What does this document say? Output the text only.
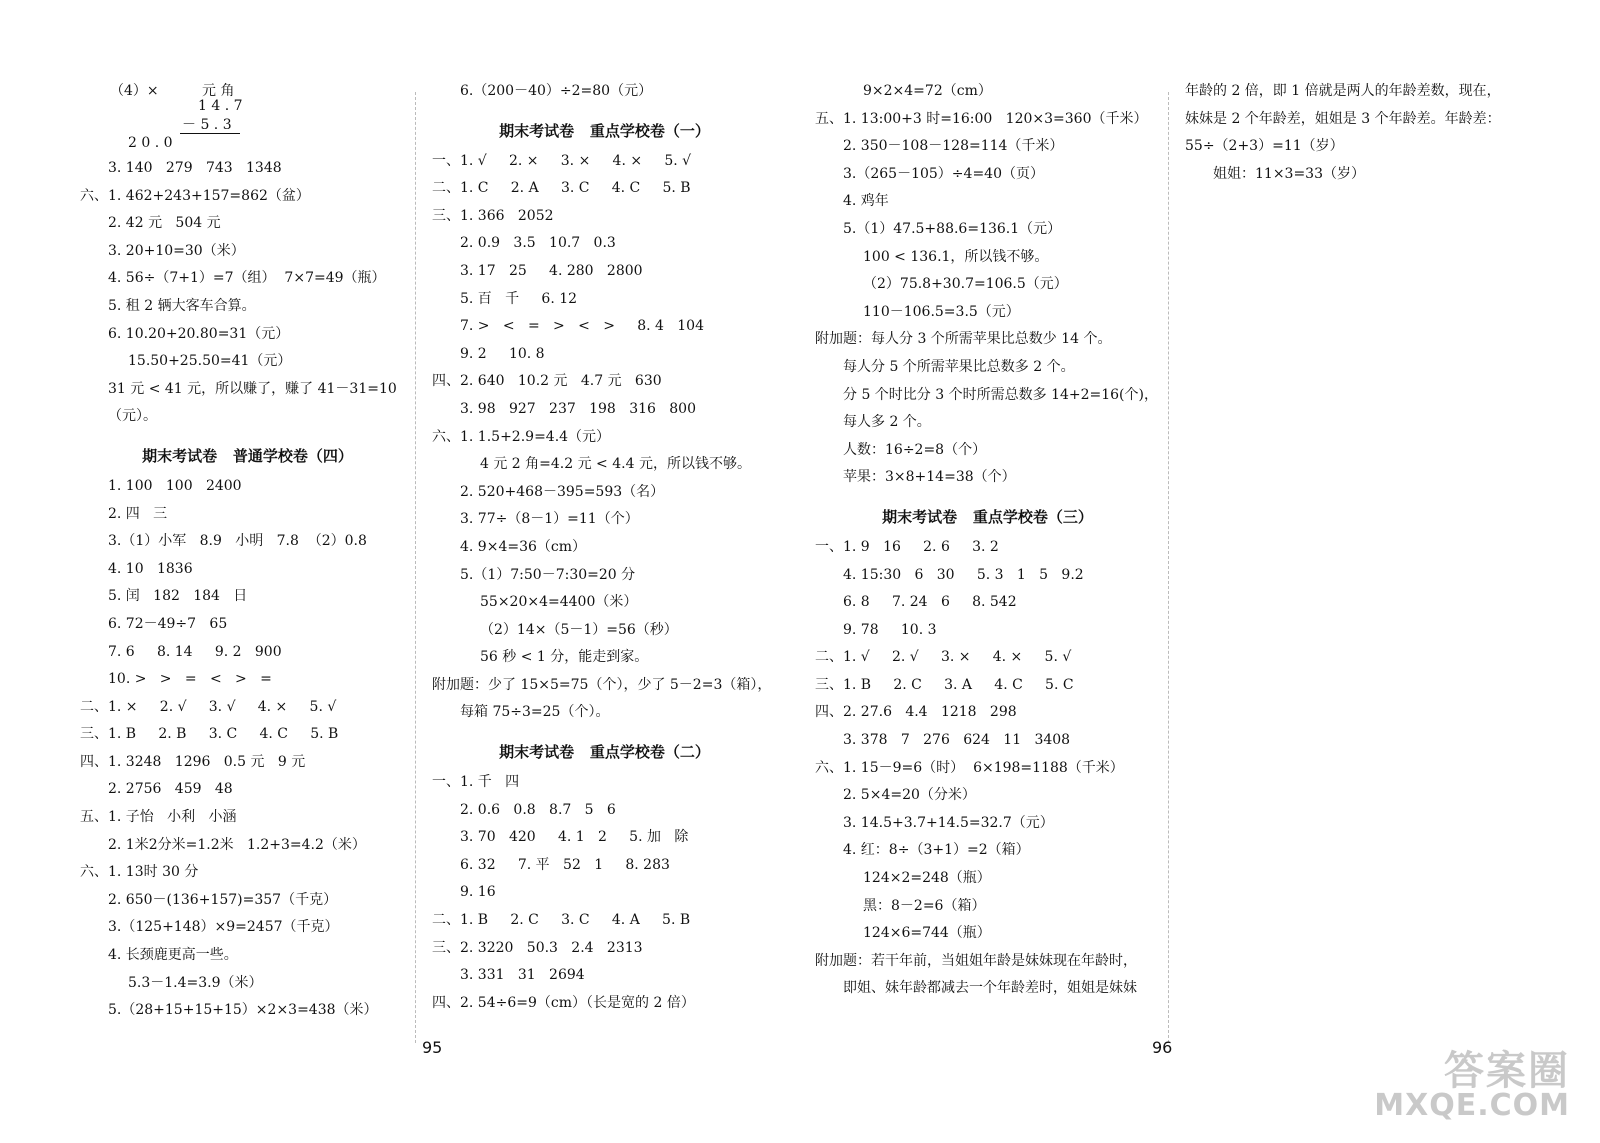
（4）×	元 角
1 4 . 7
－ 5 . 3
2 0 . 0
3. 140   279   743   1348
六、1. 462+243+157=862（盆）
2. 42 元   504 元
3. 20+10=30（米）
4. 56÷（7+1）=7（组）  7×7=49（瓶）
5. 租 2 辆大客车合算。
6. 10.20+20.80=31（元）
15.50+25.50=41（元）
31 元 < 41 元，所以赚了，赚了 41－31=10
（元）。
期末考试卷   普通学校卷（四）
1. 100   100   2400
2. 四   三
3.（1）小军   8.9   小明   7.8  （2）0.8
4. 10   1836
5. 闰   182   184   日
6. 72－49÷7   65
7. 6     8. 14     9. 2   900
10. >   >   =   <   >   =
二、1. ×     2. √     3. √     4. ×     5. √
三、1. B     2. B     3. C     4. C     5. B
四、1. 3248   1296   0.5 元   9 元
2. 2756   459   48
五、1. 子怡   小利   小涵
2. 1米2分米=1.2米   1.2+3=4.2（米）
六、1. 13时 30 分
2. 650－(136+157)=357（千克）
3.（125+148）×9=2457（千克）
4. 长颈鹿更高一些。
5.3－1.4=3.9（米）
5.（28+15+15+15）×2×3=438（米）
6.（200－40）÷2=80（元）
期末考试卷   重点学校卷（一）
一、1. √     2. ×     3. ×     4. ×     5. √
二、1. C     2. A     3. C     4. C     5. B
三、1. 366   2052
2. 0.9   3.5   10.7   0.3
3. 17   25     4. 280   2800
5. 百   千     6. 12
7. >   <   =   >   <   >     8. 4   104
9. 2     10. 8
四、2. 640   10.2 元   4.7 元   630
3. 98   927   237   198   316   800
六、1. 1.5+2.9=4.4（元）
4 元 2 角=4.2 元 < 4.4 元，所以钱不够。
2. 520+468－395=593（名）
3. 77÷（8－1）=11（个）
4. 9×4=36（cm）
5.（1）7:50－7:30=20 分
55×20×4=4400（米）
（2）14×（5－1）=56（秒）
56 秒 < 1 分，能走到家。
附加题：少了 15×5=75（个），少了 5－2=3（箱），
每箱 75÷3=25（个）。
期末考试卷   重点学校卷（二）
一、1. 千   四
2. 0.6   0.8   8.7   5   6
3. 70   420     4. 1   2     5. 加   除
6. 32     7. 平   52   1     8. 283
9. 16
二、1. B     2. C     3. C     4. A     5. B
三、2. 3220   50.3   2.4   2313
3. 331   31   2694
四、2. 54÷6=9（cm）（长是宽的 2 倍）
9×2×4=72（cm）
五、1. 13:00+3 时=16:00   120×3=360（千米）
2. 350－108－128=114（千米）
3.（265－105）÷4=40（页）
4. 鸡年
5.（1）47.5+88.6=136.1（元）
100 < 136.1，所以钱不够。
（2）75.8+30.7=106.5（元）
110－106.5=3.5（元）
附加题：每人分 3 个所需苹果比总数少 14 个。
每人分 5 个所需苹果比总数多 2 个。
分 5 个时比分 3 个时所需总数多 14+2=16(个)，
每人多 2 个。
人数：16÷2=8（个）
苹果：3×8+14=38（个）
期末考试卷   重点学校卷（三）
一、1. 9   16     2. 6     3. 2
4. 15:30   6   30     5. 3   1   5   9.2
6. 8     7. 24   6     8. 542
9. 78     10. 3
二、1. √     2. √     3. ×     4. ×     5. √
三、1. B     2. C     3. A     4. C     5. C
四、2. 27.6   4.4   1218   298
3. 378   7   276   624   11   3408
六、1. 15－9=6（时）  6×198=1188（千米）
2. 5×4=20（分米）
3. 14.5+3.7+14.5=32.7（元）
4. 红：8÷（3+1）=2（箱）
124×2=248（瓶）
黑：8－2=6（箱）
124×6=744（瓶）
附加题：若干年前，当姐姐年龄是妹妹现在年龄时，
即姐、妹年龄都减去一个年龄差时，姐姐是妹妹
年龄的 2 倍，即 1 倍就是两人的年龄差数，现在，
妹妹是 2 个年龄差，姐姐是 3 个年龄差。年龄差：
55÷（2+3）=11（岁）
姐姐：11×3=33（岁）
95	96
答案圈
MXQE.COM
